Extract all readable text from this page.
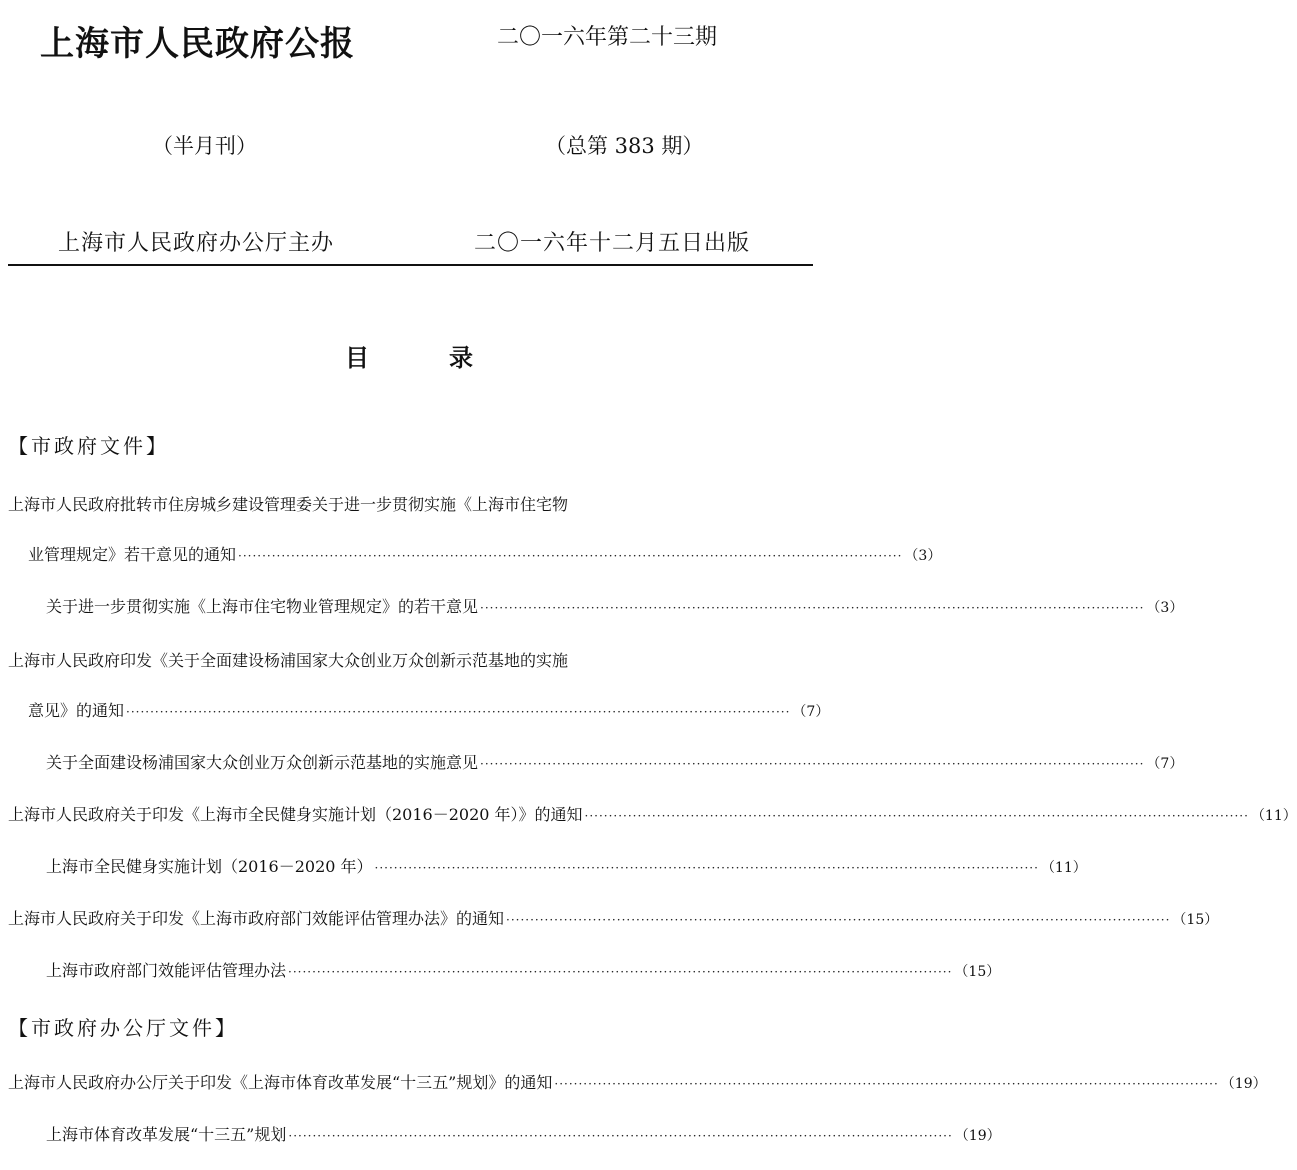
上海市人民政府公报	二〇一六年第二十三期
（半月刊）	（总第 383 期）
上海市人民政府办公厅主办	二〇一六年十二月五日出版
目录
【市政府文件】
上海市人民政府批转市住房城乡建设管理委关于进一步贯彻实施《上海市住宅物
业管理规定》若干意见的通知 ·········································································································································· （3）
关于进一步贯彻实施《上海市住宅物业管理规定》的若干意见 ·········································································································································· （3）
上海市人民政府印发《关于全面建设杨浦国家大众创业万众创新示范基地的实施
意见》的通知 ·········································································································································· （7）
关于全面建设杨浦国家大众创业万众创新示范基地的实施意见 ·········································································································································· （7）
上海市人民政府关于印发《上海市全民健身实施计划（2016－2020 年）》的通知 ·········································································································································· （11）
上海市全民健身实施计划（2016－2020 年） ·········································································································································· （11）
上海市人民政府关于印发《上海市政府部门效能评估管理办法》的通知 ·········································································································································· （15）
上海市政府部门效能评估管理办法 ·········································································································································· （15）
【市政府办公厅文件】
上海市人民政府办公厅关于印发《上海市体育改革发展“十三五”规划》的通知 ·········································································································································· （19）
上海市体育改革发展“十三五”规划 ·········································································································································· （19）
